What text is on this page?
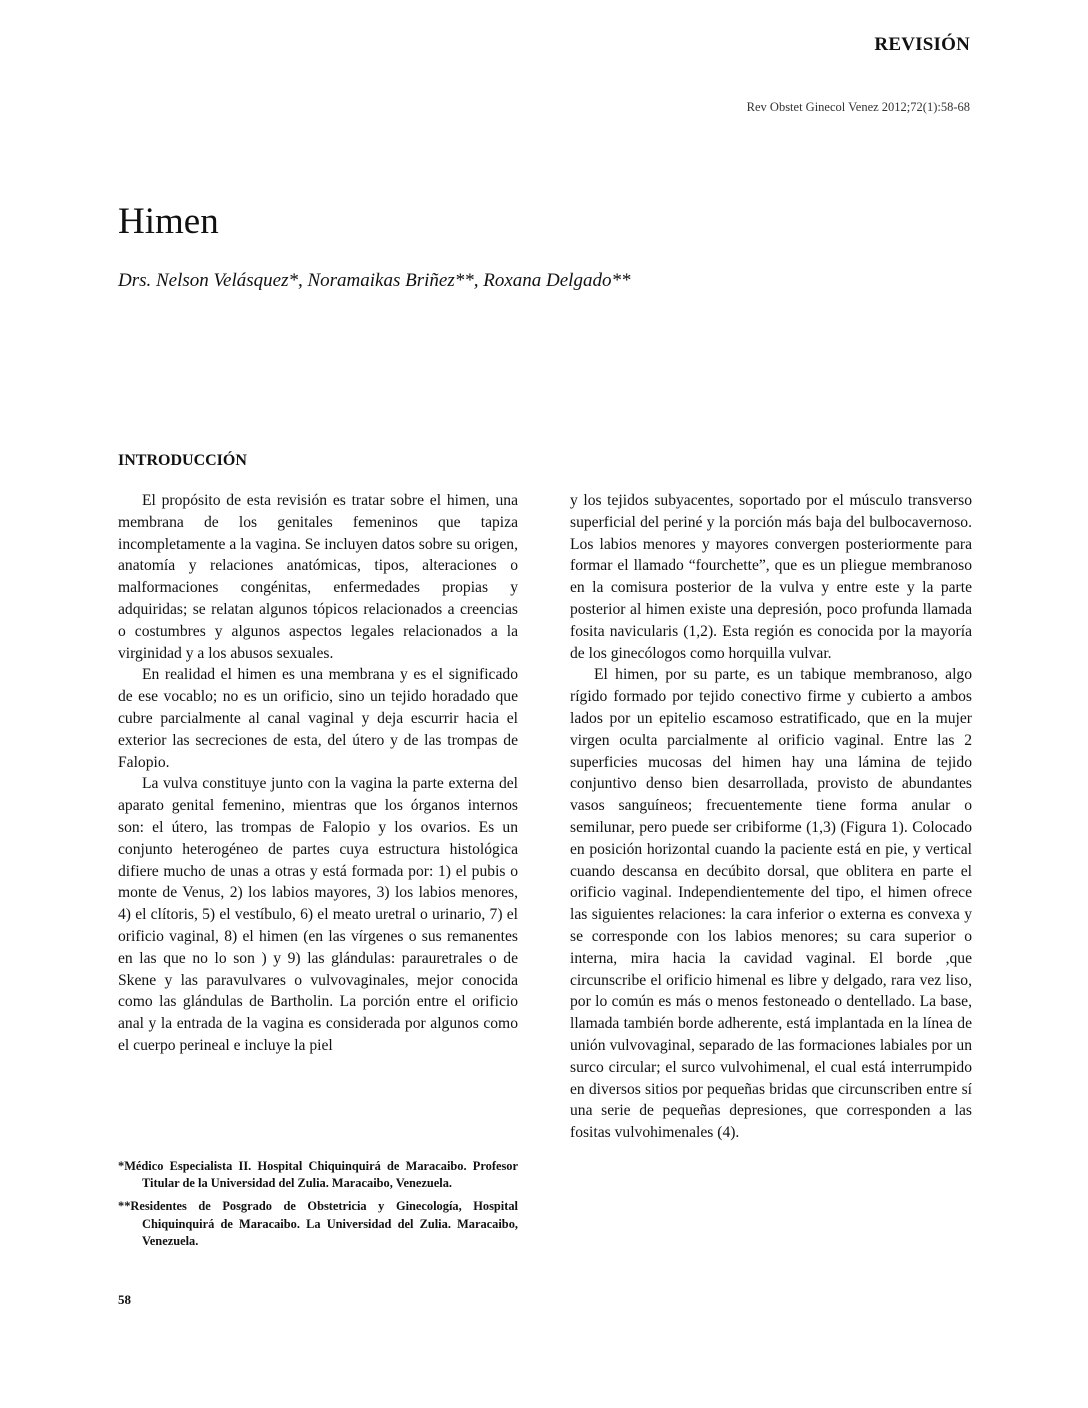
REVISIÓN
Rev Obstet Ginecol Venez 2012;72(1):58-68
Himen
Drs. Nelson Velásquez*, Noramaikas Briñez**, Roxana Delgado**
INTRODUCCIÓN

El propósito de esta revisión es tratar sobre el himen, una membrana de los genitales femeninos que tapiza incompletamente a la vagina. Se incluyen datos sobre su origen, anatomía y relaciones anatómicas, tipos, alteraciones o malformaciones congénitas, enfermedades propias y adquiridas; se relatan algunos tópicos relacionados a creencias o costumbres y algunos aspectos legales relacionados a la virginidad y a los abusos sexuales.

En realidad el himen es una membrana y es el significado de ese vocablo; no es un orificio, sino un tejido horadado que cubre parcialmente al canal vaginal y deja escurrir hacia el exterior las secreciones de esta, del útero y de las trompas de Falopio.

La vulva constituye junto con la vagina la parte externa del aparato genital femenino, mientras que los órganos internos son: el útero, las trompas de Falopio y los ovarios. Es un conjunto heterogéneo de partes cuya estructura histológica difiere mucho de unas a otras y está formada por: 1) el pubis o monte de Venus, 2) los labios mayores, 3) los labios menores, 4) el clítoris, 5) el vestíbulo, 6) el meato uretral o urinario, 7) el orificio vaginal, 8) el himen (en las vírgenes o sus remanentes en las que no lo son ) y 9) las glándulas: parauretrales o de Skene y las paravulvares o vulvovaginales, mejor conocida como las glándulas de Bartholin. La porción entre el orificio anal y la entrada de la vagina es considerada por algunos como el cuerpo perineal e incluye la piel

y los tejidos subyacentes, soportado por el músculo transverso superficial del periné y la porción más baja del bulbocavernoso. Los labios menores y mayores convergen posteriormente para formar el llamado “fourchette”, que es un pliegue membranoso en la comisura posterior de la vulva y entre este y la parte posterior al himen existe una depresión, poco profunda llamada fosita navicularis (1,2). Esta región es conocida por la mayoría de los ginecólogos como horquilla vulvar.

El himen, por su parte, es un tabique membranoso, algo rígido formado por tejido conectivo firme y cubierto a ambos lados por un epitelio escamoso estratificado, que en la mujer virgen oculta parcialmente al orificio vaginal. Entre las 2 superficies mucosas del himen hay una lámina de tejido conjuntivo denso bien desarrollada, provisto de abundantes vasos sanguíneos; frecuentemente tiene forma anular o semilunar, pero puede ser cribiforme (1,3) (Figura 1). Colocado en posición horizontal cuando la paciente está en pie, y vertical cuando descansa en decúbito dorsal, que oblitera en parte el orificio vaginal. Independientemente del tipo, el himen ofrece las siguientes relaciones: la cara inferior o externa es convexa y se corresponde con los labios menores; su cara superior o interna, mira hacia la cavidad vaginal. El borde ,que circunscribe el orificio himenal es libre y delgado, rara vez liso, por lo común es más o menos festoneado o dentellado. La base, llamada también borde adherente, está implantada en la línea de unión vulvovaginal, separado de las formaciones labiales por un surco circular; el surco vulvohimenal, el cual está interrumpido en diversos sitios por pequeñas bridas que circunscriben entre sí una serie de pequeñas depresiones, que corresponden a las fositas vulvohimenales (4).

*Médico Especialista II. Hospital Chiquinquirá de Maracaibo. Profesor Titular de la Universidad del Zulia. Maracaibo, Venezuela.

**Residentes de Posgrado de Obstetricia y Ginecología, Hospital Chiquinquirá de Maracaibo. La Universidad del Zulia. Maracaibo, Venezuela.

58
